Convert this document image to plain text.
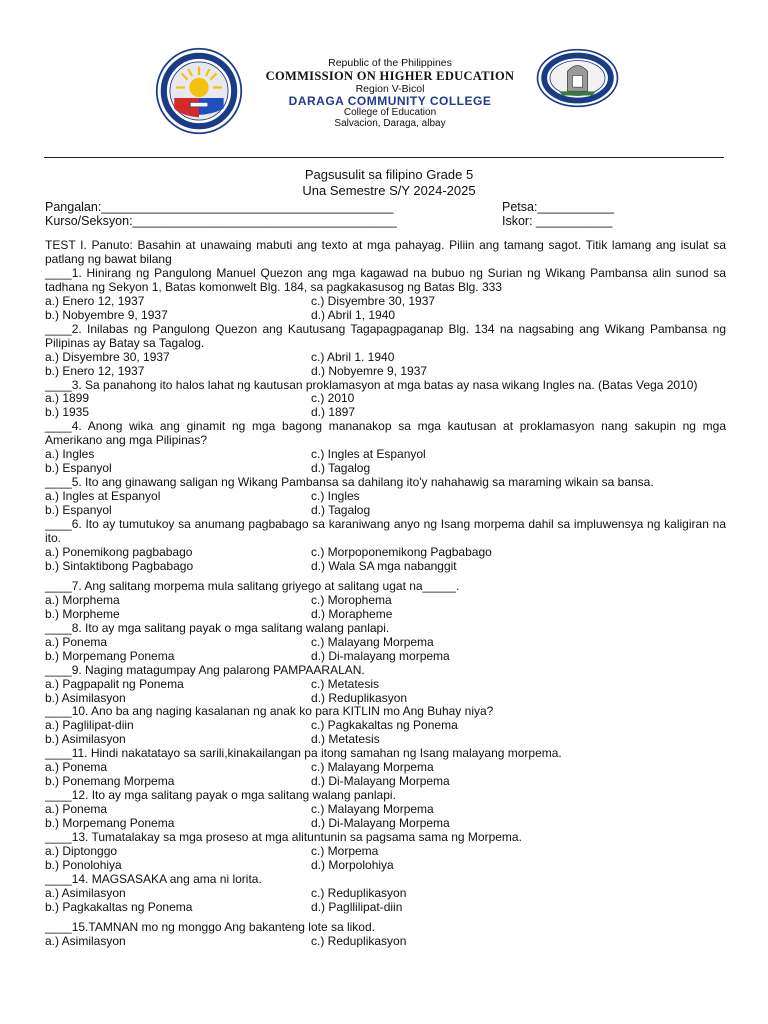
Republic of the Philippines
COMMISSION ON HIGHER EDUCATION
Region V-Bicol
DARAGA COMMUNITY COLLEGE
College of Education
Salvacion, Daraga, albay
Pagsusulit sa filipino Grade 5
Una Semestre S/Y 2024-2025
Pangalan:__________________________________________
Kurso/Seksyon:______________________________________
Petsa:___________
Iskor: ___________

TEST I. Panuto: Basahin at unawaing mabuti ang texto at mga pahayag. Piliin ang tamang sagot. Titik lamang ang isulat sa patlang ng bawat bilang

____1. Hinirang ng Pangulong Manuel Quezon ang mga kagawad na bubuo ng Surian ng Wikang Pambansa alin sunod sa tadhana ng Sekyon 1, Batas komonwelt Blg. 184, sa pagkakasusog ng Batas Blg. 333

a.) Enero 12, 1937	c.) Disyembre 30, 1937
b.) Nobyembre 9, 1937	d.) Abril 1, 1940

____2. Inilabas ng Pangulong Quezon ang Kautusang Tagapagpaganap Blg. 134 na nagsabing ang Wikang Pambansa ng Pilipinas ay Batay sa Tagalog.

a.) Disyembre 30, 1937	c.) Abril 1. 1940
b.) Enero 12, 1937	d.) Nobyemre 9, 1937

____3. Sa panahong ito halos lahat ng kautusan proklamasyon at mga batas ay nasa wikang Ingles na. (Batas Vega 2010)

a.) 1899	c.) 2010
b.) 1935	d.) 1897

____4. Anong wika ang ginamit ng mga bagong mananakop sa mga kautusan at proklamasyon nang sakupin ng mga Amerikano ang mga Pilipinas?

a.) Ingles	c.) Ingles at Espanyol
b.) Espanyol	d.) Tagalog

____5. Ito ang ginawang saligan ng Wikang Pambansa sa dahilang ito'y nahahawig sa maraming wikain sa bansa.

a.) Ingles at Espanyol	c.) Ingles
b.) Espanyol	d.) Tagalog

____6. Ito ay tumutukoy sa anumang pagbabago sa karaniwang anyo ng Isang morpema dahil sa impluwensya ng kaligiran na ito.

a.) Ponemikong pagbabago	c.) Morpoponemikong Pagbabago
b.) Sintaktibong Pagbabago	d.) Wala SA mga nabanggit

____7. Ang salitang morpema mula salitang griyego at salitang ugat na_____.

a.) Morphema	c.) Morophema
b.) Morpheme	d.) Morapheme

____8. Ito ay mga salitang payak o mga salitang walang panlapi.

a.) Ponema	c.) Malayang Morpema
b.) Morpemang Ponema	d.) Di-malayang morpema

____9. Naging matagumpay Ang palarong PAMPAARALAN.

a.) Pagpapalit ng Ponema	c.) Metatesis
b.) Asimilasyon	d.) Reduplikasyon

____10. Ano ba ang naging kasalanan ng anak ko para KITLIN mo Ang Buhay niya?

a.) Paglilipat-diin	c.) Pagkakaltas ng Ponema
b.) Asimilasyon	d.) Metatesis

____11. Hindi nakatatayo sa sarili,kinakailangan pa itong samahan ng Isang malayang morpema.

a.) Ponema	c.) Malayang Morpema
b.) Ponemang Morpema	d.) Di-Malayang Morpema

____12. Ito ay mga salitang payak o mga salitang walang panlapi.

a.) Ponema	c.) Malayang Morpema
b.) Morpemang Ponema	d.) Di-Malayang Morpema

____13. Tumatalakay sa mga proseso at mga alituntunin sa pagsama sama ng Morpema.

a.) Diptonggo	c.) Morpema
b.) Ponolohiya	d.) Morpolohiya

____14. MAGSASAKA ang ama ni lorita.

a.) Asimilasyon	c.) Reduplikasyon
b.) Pagkakaltas ng Ponema	d.) Pagllilipat-diin

____15.TAMNAN mo ng monggo Ang bakanteng lote sa likod.

a.) Asimilasyon	c.) Reduplikasyon
